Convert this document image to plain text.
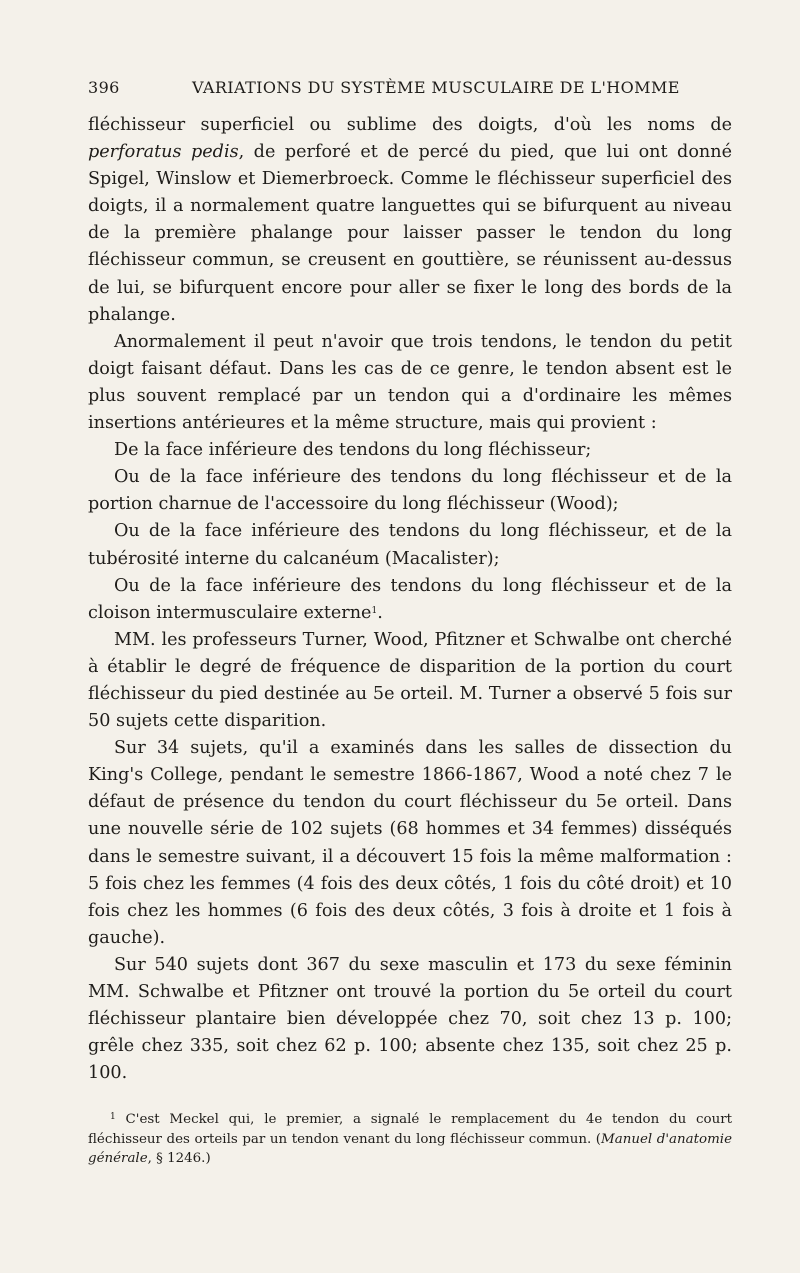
396	VARIATIONS DU SYSTÈME MUSCULAIRE DE L'HOMME

fléchisseur superficiel ou sublime des doigts, d'où les noms de perforatus pedis, de perforé et de percé du pied, que lui ont donné Spigel, Winslow et Diemerbroeck. Comme le fléchisseur superficiel des doigts, il a normalement quatre languettes qui se bifurquent au niveau de la première phalange pour laisser passer le tendon du long fléchisseur commun, se creusent en gouttière, se réunissent au-dessus de lui, se bifurquent encore pour aller se fixer le long des bords de la phalange.

Anormalement il peut n'avoir que trois tendons, le tendon du petit doigt faisant défaut. Dans les cas de ce genre, le tendon absent est le plus souvent remplacé par un tendon qui a d'ordinaire les mêmes insertions antérieures et la même structure, mais qui provient :

De la face inférieure des tendons du long fléchisseur;

Ou de la face inférieure des tendons du long fléchisseur et de la portion charnue de l'accessoire du long fléchisseur (Wood);

Ou de la face inférieure des tendons du long fléchisseur, et de la tubérosité interne du calcanéum (Macalister);

Ou de la face inférieure des tendons du long fléchisseur et de la cloison intermusculaire externe$^1$.

MM. les professeurs Turner, Wood, Pfitzner et Schwalbe ont cherché à établir le degré de fréquence de disparition de la portion du court fléchisseur du pied destinée au 5e orteil. M. Turner a observé 5 fois sur 50 sujets cette disparition.

Sur 34 sujets, qu'il a examinés dans les salles de dissection du King's College, pendant le semestre 1866-1867, Wood a noté chez 7 le défaut de présence du tendon du court fléchisseur du 5e orteil. Dans une nouvelle série de 102 sujets (68 hommes et 34 femmes) disséqués dans le semestre suivant, il a découvert 15 fois la même malformation : 5 fois chez les femmes (4 fois des deux côtés, 1 fois du côté droit) et 10 fois chez les hommes (6 fois des deux côtés, 3 fois à droite et 1 fois à gauche).

Sur 540 sujets dont 367 du sexe masculin et 173 du sexe féminin MM. Schwalbe et Pfitzner ont trouvé la portion du 5e orteil du court fléchisseur plantaire bien développée chez 70, soit chez 13 p. 100; grêle chez 335, soit chez 62 p. 100; absente chez 135, soit chez 25 p. 100.

$^1$ C'est Meckel qui, le premier, a signalé le remplacement du 4e tendon du court fléchisseur des orteils par un tendon venant du long fléchisseur commun. (Manuel d'anatomie générale, § 1246.)
